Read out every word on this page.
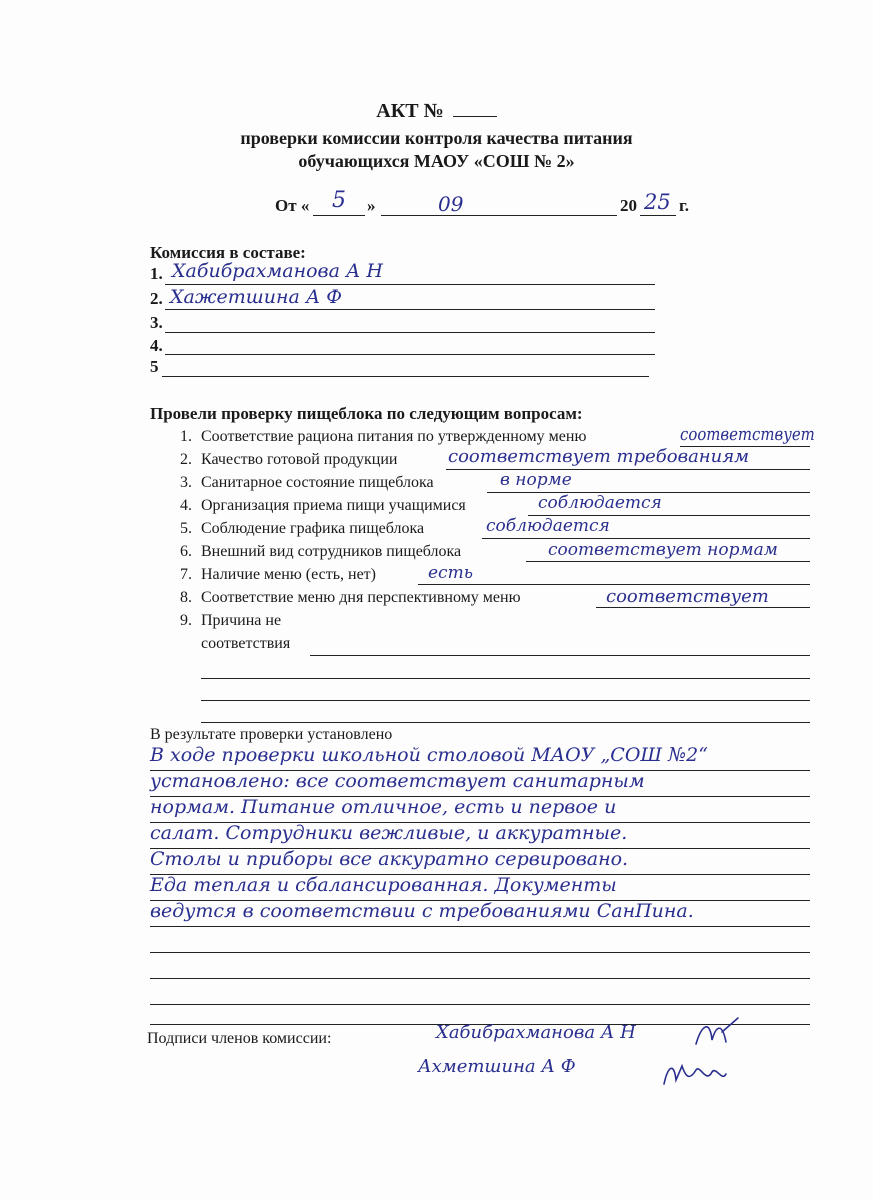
АКТ №
проверки комиссии контроля качества питания
обучающихся МАОУ «СОШ № 2»
От « 5 »	09	20 25 г.
Комиссия в составе:
1. Хабибрахманова А Н
2. Хажетшина А Ф
3.
4.
5
Провели проверку пищеблока по следующим вопросам:
1. Соответствие рациона питания по утвержденному меню	соответствует
2. Качество готовой продукции	соответствует требованиям
3. Санитарное состояние пищеблока	в норме
4. Организация приема пищи учащимися	соблюдается
5. Соблюдение графика пищеблока	соблюдается
6. Внешний вид сотрудников пищеблока	соответствует нормам
7. Наличие меню (есть, нет)	есть
8. Соответствие меню дня перспективному меню	соответствует
9. Причина не
соответствия
В результате проверки установлено
В ходе проверки школьной столовой МАОУ „СОШ №2“
установлено: все соответствует санитарным
нормам. Питание отличное, есть и первое и
салат. Сотрудники вежливые, и аккуратные.
Столы и приборы все аккуратно сервировано.
Еда теплая и сбалансированная. Документы
ведутся в соответствии с требованиями СанПина.
Подписи членов комиссии:	Хабибрахманова А Н
Ахметшина А Ф
